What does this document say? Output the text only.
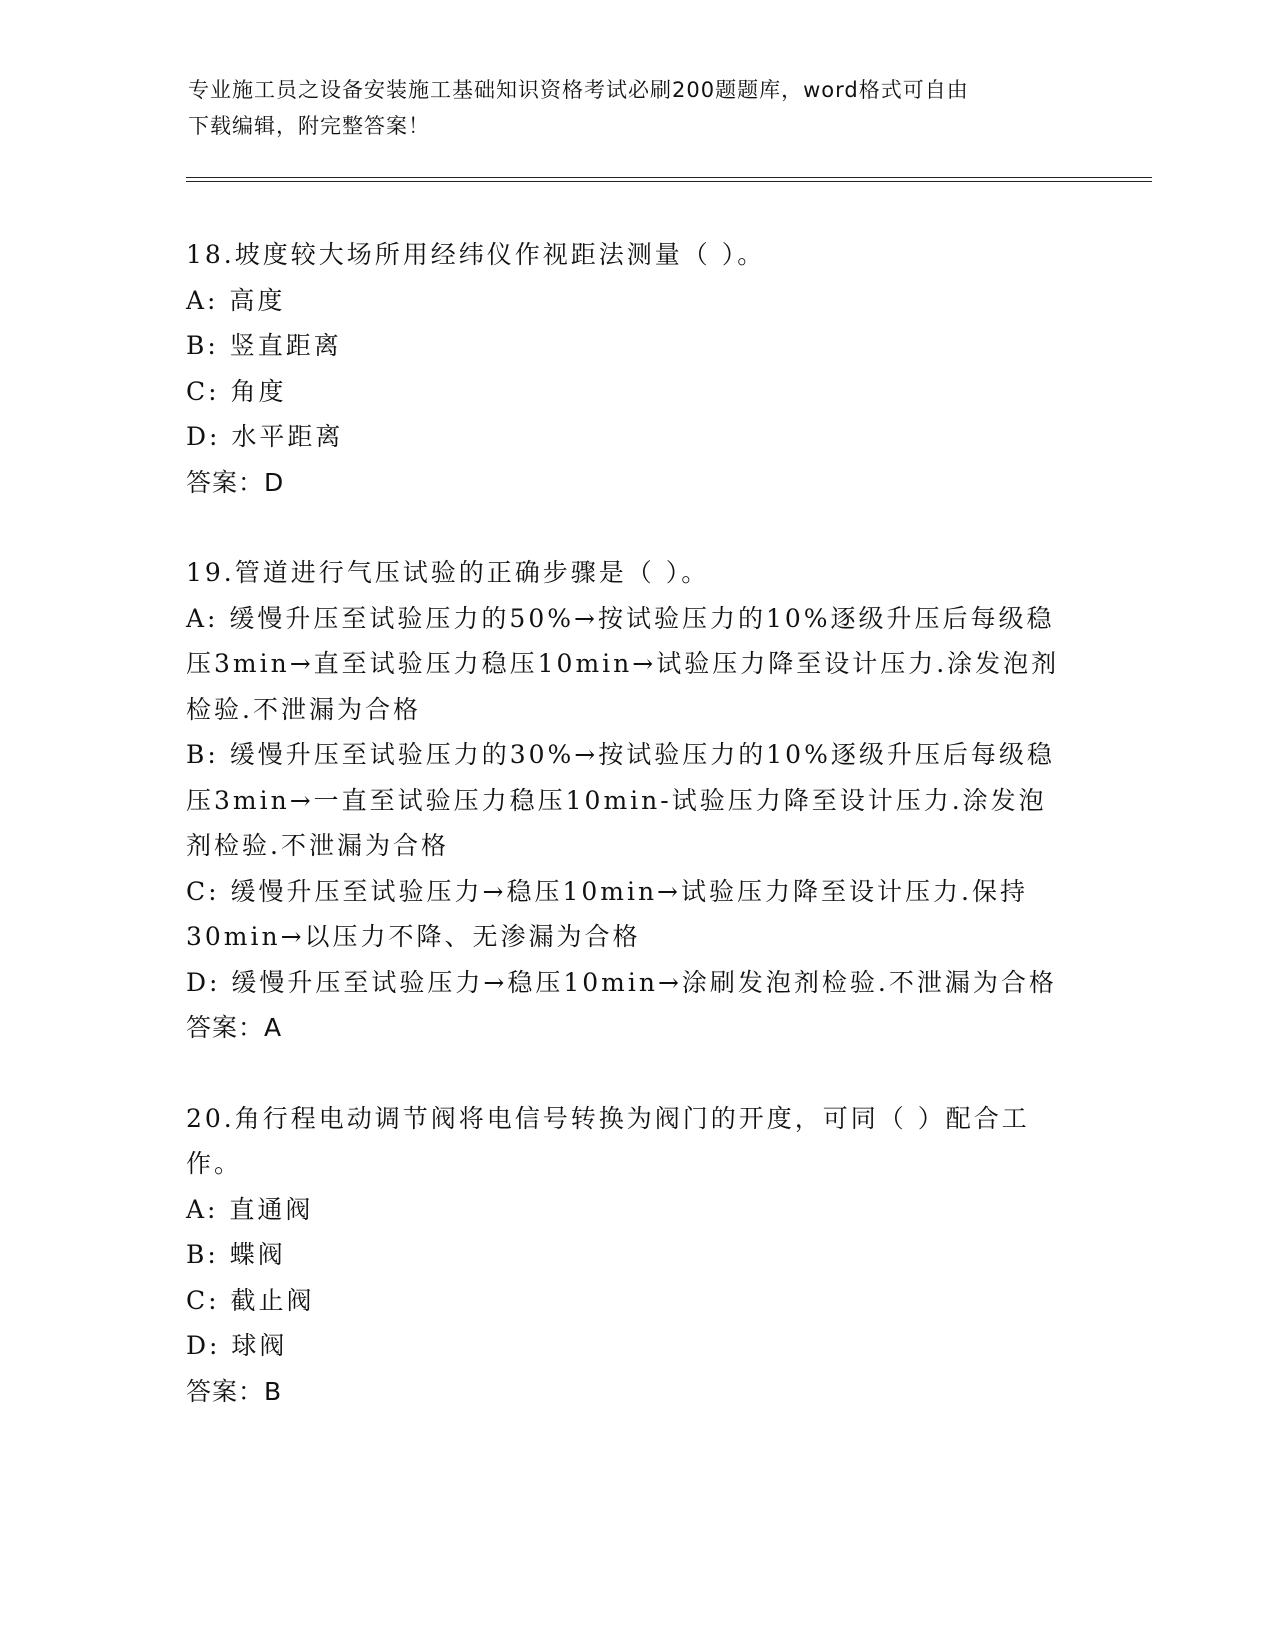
专业施工员之设备安装施工基础知识资格考试必刷200题题库，word格式可自由
下载编辑，附完整答案！
18.坡度较大场所用经纬仪作视距法测量（ ）。
A: 高度
B: 竖直距离
C: 角度
D: 水平距离
答案：D
19.管道进行气压试验的正确步骤是（ ）。
A: 缓慢升压至试验压力的50%→按试验压力的10%逐级升压后每级稳
压3min→直至试验压力稳压10min→试验压力降至设计压力.涂发泡剂
检验.不泄漏为合格
B: 缓慢升压至试验压力的30%→按试验压力的10%逐级升压后每级稳
压3min→一直至试验压力稳压10min-试验压力降至设计压力.涂发泡
剂检验.不泄漏为合格
C: 缓慢升压至试验压力→稳压10min→试验压力降至设计压力.保持
30min→以压力不降、无渗漏为合格
D: 缓慢升压至试验压力→稳压10min→涂刷发泡剂检验.不泄漏为合格
答案：A
20.角行程电动调节阀将电信号转换为阀门的开度，可同（ ）配合工
作。
A: 直通阀
B: 蝶阀
C: 截止阀
D: 球阀
答案：B
